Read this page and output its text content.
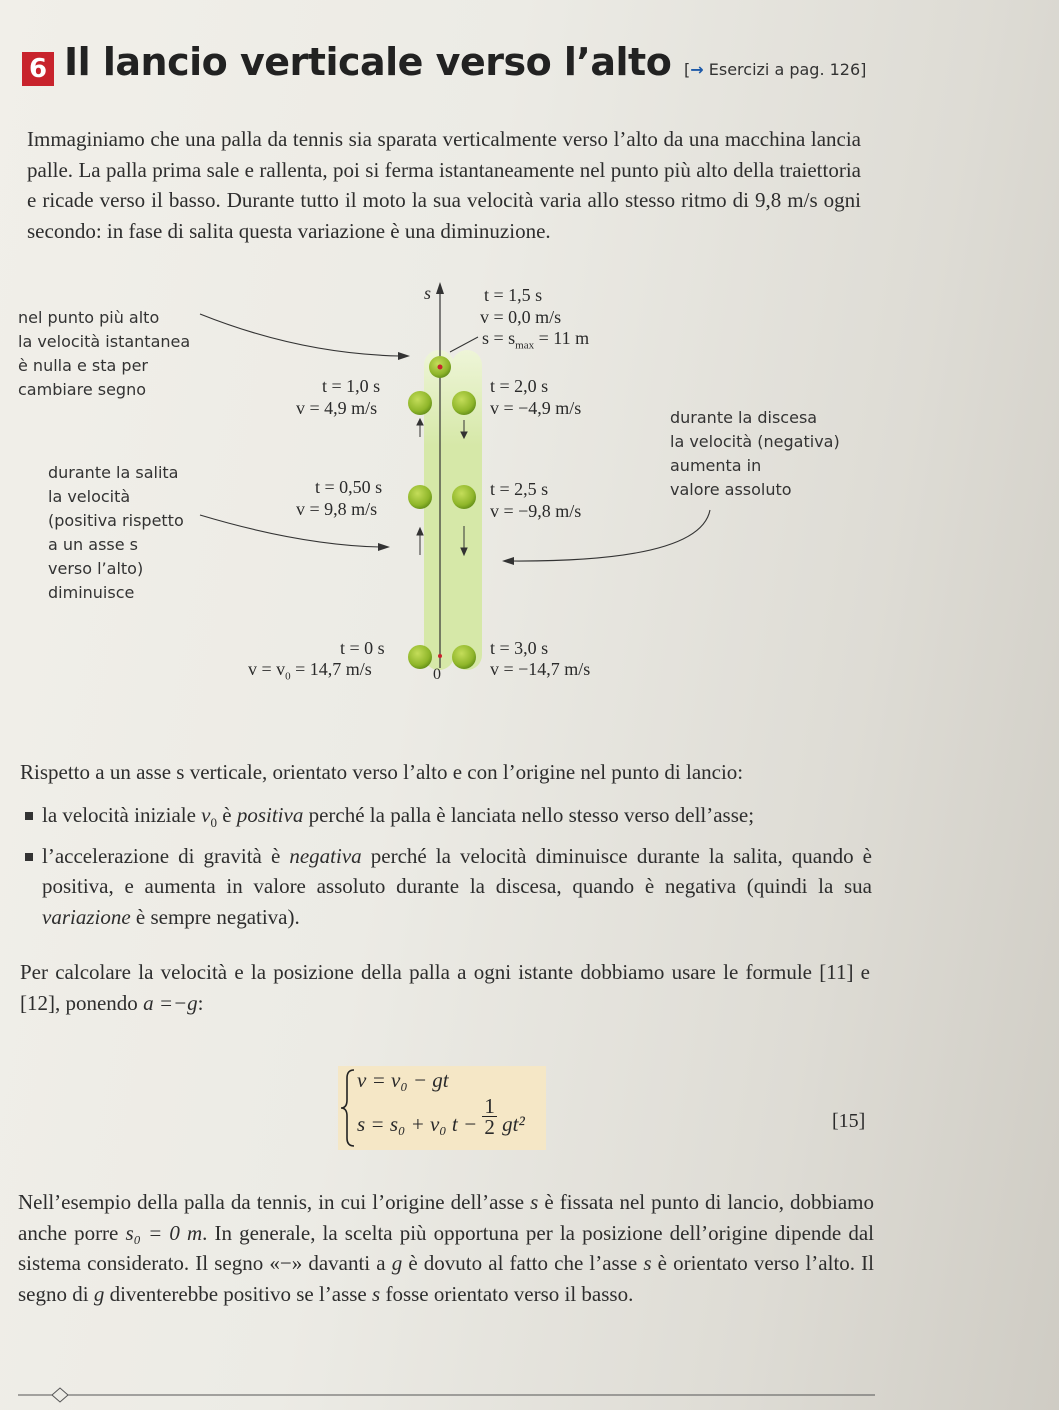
6 Il lancio verticale verso l’alto [→ Esercizi a pag. 126]
Immaginiamo che una palla da tennis sia sparata verticalmente verso l’alto da una macchina lancia palle. La palla prima sale e rallenta, poi si ferma istantaneamente nel punto più alto della traiettoria e ricade verso il basso. Durante tutto il moto la sua velocità varia allo stesso ritmo di 9,8 m/s ogni secondo: in fase di salita questa variazione è una diminuzione.
nel punto più alto
la velocità istantanea
è nulla e sta per
cambiare segno
durante la salita
la velocità
(positiva rispetto
a un asse s
verso l’alto)
diminuisce
durante la discesa
la velocità (negativa)
aumenta in
valore assoluto
s
0
t = 1,5 s
v = 0,0 m/s
$s = s_{max} = 11$ m
t = 1,0 s
v = 4,9 m/s
t = 0,50 s
v = 9,8 m/s
t = 0 s
$v = v_0 = 14,7$ m/s
t = 2,0 s
v = −4,9 m/s
t = 2,5 s
v = −9,8 m/s
t = 3,0 s
v = −14,7 m/s
Rispetto a un asse s verticale, orientato verso l’alto e con l’origine nel punto di lancio:
la velocità iniziale $v_0$ è positiva perché la palla è lanciata nello stesso verso dell’asse;
l’accelerazione di gravità è negativa perché la velocità diminuisce durante la salita, quando è positiva, e aumenta in valore assoluto durante la discesa, quando è negativa (quindi la sua variazione è sempre negativa).
Per calcolare la velocità e la posizione della palla a ogni istante dobbiamo usare le formule [11] e [12], ponendo a =−g:
v = v₀ − gt
s = s₀ + v₀ $t - \frac{1}{2} gt^2$	[15]
Nell’esempio della palla da tennis, in cui l’origine dell’asse s è fissata nel punto di lancio, dobbiamo anche porre s₀ = 0 m. In generale, la scelta più opportuna per la posizione dell’origine dipende dal sistema considerato. Il segno «−» davanti a g è dovuto al fatto che l’asse s è orientato verso l’alto. Il segno di g diventerebbe positivo se l’asse s fosse orientato verso il basso.
